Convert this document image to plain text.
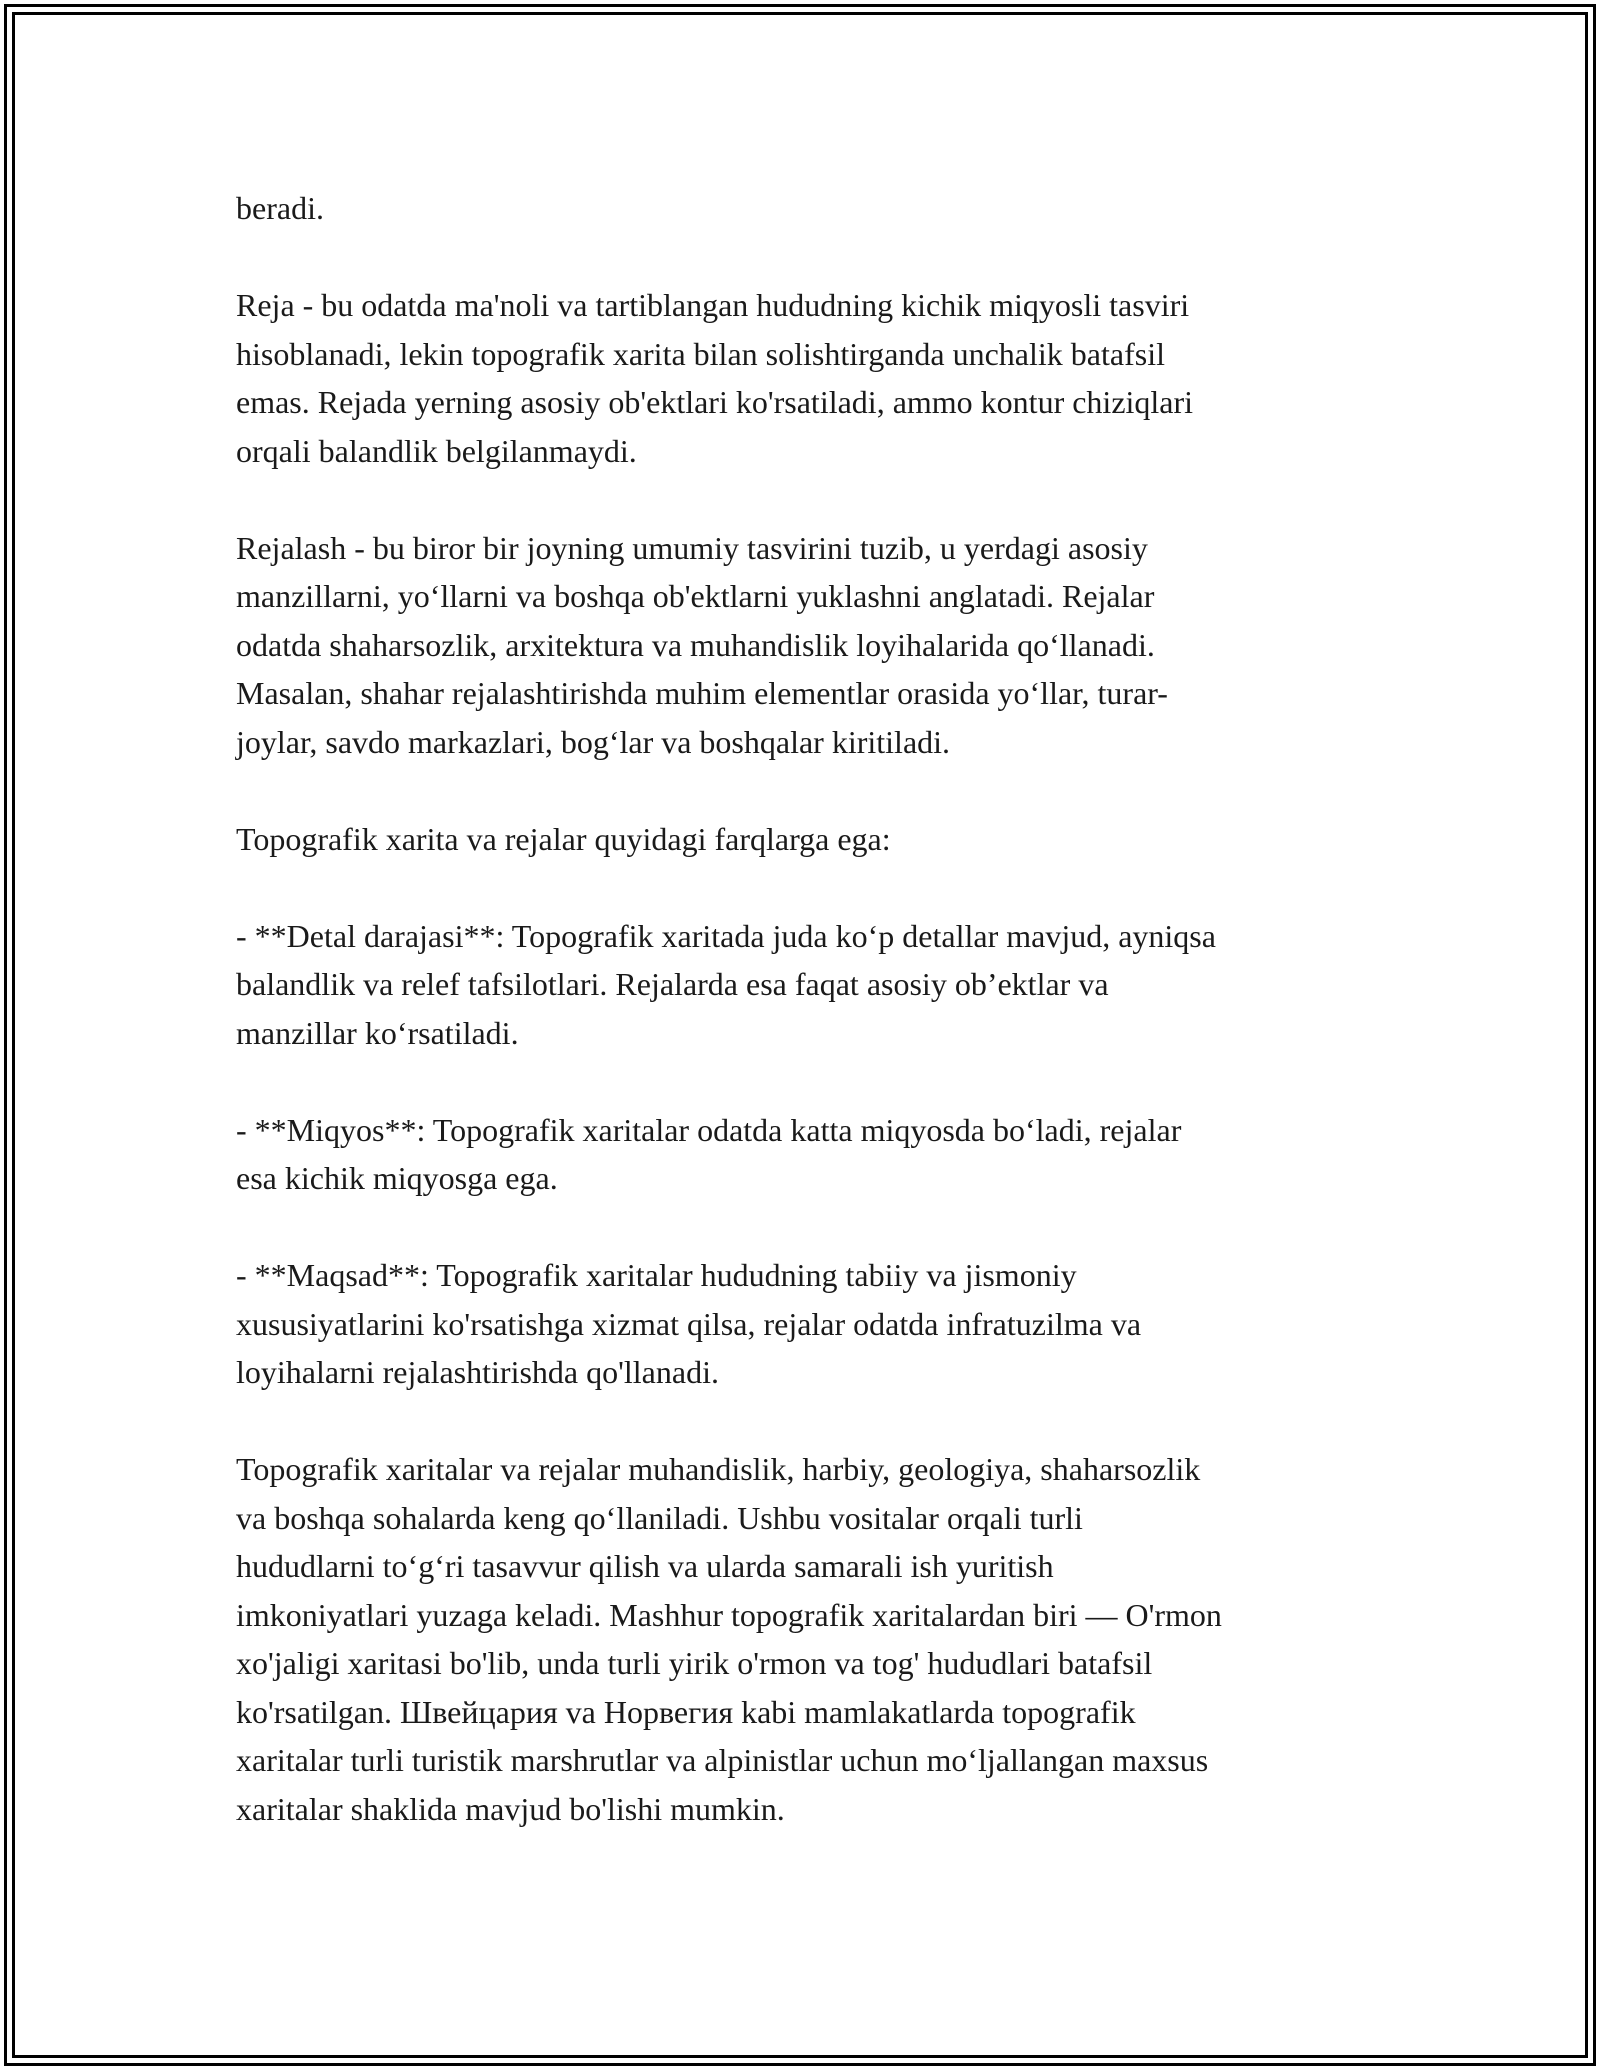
beradi.

Reja - bu odatda ma'noli va tartiblangan hududning kichik miqyosli tasviri
hisoblanadi, lekin topografik xarita bilan solishtirganda unchalik batafsil
emas. Rejada yerning asosiy ob'ektlari ko'rsatiladi, ammo kontur chiziqlari
orqali balandlik belgilanmaydi.

Rejalash - bu biror bir joyning umumiy tasvirini tuzib, u yerdagi asosiy
manzillarni, yo‘llarni va boshqa ob'ektlarni yuklashni anglatadi. Rejalar
odatda shaharsozlik, arxitektura va muhandislik loyihalarida qo‘llanadi.
Masalan, shahar rejalashtirishda muhim elementlar orasida yo‘llar, turar-
joylar, savdo markazlari, bog‘lar va boshqalar kiritiladi.

Topografik xarita va rejalar quyidagi farqlarga ega:

- **Detal darajasi**: Topografik xaritada juda ko‘p detallar mavjud, ayniqsa
balandlik va relef tafsilotlari. Rejalarda esa faqat asosiy ob’ektlar va
manzillar ko‘rsatiladi.

- **Miqyos**: Topografik xaritalar odatda katta miqyosda bo‘ladi, rejalar
esa kichik miqyosga ega.

- **Maqsad**: Topografik xaritalar hududning tabiiy va jismoniy
xususiyatlarini ko'rsatishga xizmat qilsa, rejalar odatda infratuzilma va
loyihalarni rejalashtirishda qo'llanadi.

Topografik xaritalar va rejalar muhandislik, harbiy, geologiya, shaharsozlik
va boshqa sohalarda keng qo‘llaniladi. Ushbu vositalar orqali turli
hududlarni to‘g‘ri tasavvur qilish va ularda samarali ish yuritish
imkoniyatlari yuzaga keladi. Mashhur topografik xaritalardan biri — O'rmon
xo'jaligi xaritasi bo'lib, unda turli yirik o'rmon va tog' hududlari batafsil
ko'rsatilgan. Швейцария va Норвегия kabi mamlakatlarda topografik
xaritalar turli turistik marshrutlar va alpinistlar uchun mo‘ljallangan maxsus
xaritalar shaklida mavjud bo'lishi mumkin.
